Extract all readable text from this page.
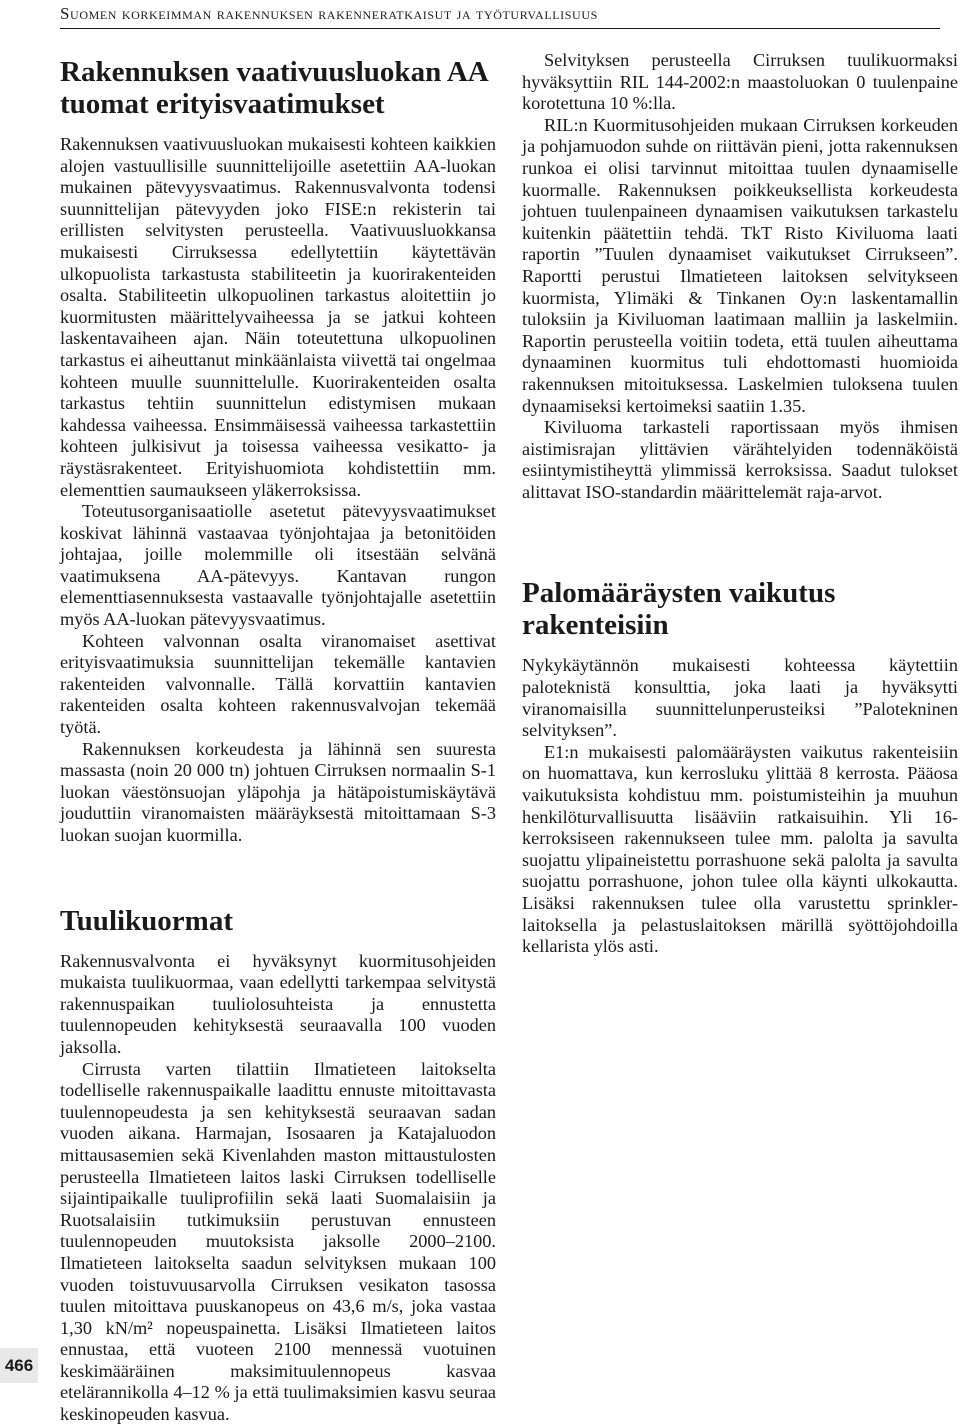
Suomen korkeimman rakennuksen rakenneratkaisut ja työturvallisuus
Rakennuksen vaativuusluokan AA tuomat erityisvaatimukset

Rakennuksen vaativuusluokan mukaisesti kohteen kaikkien alojen vastuullisille suunnittelijoille asetettiin AA-luokan mukainen pätevyysvaatimus. Rakennusvalvonta todensi suunnittelijan pätevyyden joko FISE:n rekisterin tai erillisten selvitysten perusteella. Vaativuusluokkansa mukaisesti Cirruksessa edellytettiin käytettävän ulkopuolista tarkastusta stabiliteetin ja kuorirakenteiden osalta. Stabiliteetin ulkopuolinen tarkastus aloitettiin jo kuormitusten määrittelyvaiheessa ja se jatkui kohteen laskentavaiheen ajan. Näin toteutettuna ulkopuolinen tarkastus ei aiheuttanut minkäänlaista viivettä tai ongelmaa kohteen muulle suunnittelulle. Kuorirakenteiden osalta tarkastus tehtiin suunnittelun edistymisen mukaan kahdessa vaiheessa. Ensimmäisessä vaiheessa tarkastettiin kohteen julkisivut ja toisessa vaiheessa vesikatto- ja räystäsrakenteet. Erityishuomiota kohdistettiin mm. elementtien saumaukseen yläkerroksissa.

Toteutusorganisaatiolle asetetut pätevyysvaatimukset koskivat lähinnä vastaavaa työnjohtajaa ja betonitöiden johtajaa, joille molemmille oli itsestään selvänä vaatimuksena AA-pätevyys. Kantavan rungon elementtiasennuksesta vastaavalle työnjohtajalle asetettiin myös AA-luokan pätevyysvaatimus.

Kohteen valvonnan osalta viranomaiset asettivat erityisvaatimuksia suunnittelijan tekemälle kantavien rakenteiden valvonnalle. Tällä korvattiin kantavien rakenteiden osalta kohteen rakennusvalvojan tekemää työtä.

Rakennuksen korkeudesta ja lähinnä sen suuresta massasta (noin 20 000 tn) johtuen Cirruksen normaalin S-1 luokan väestönsuojan yläpohja ja hätäpoistumiskäytävä jouduttiin viranomaisten määräyksestä mitoittamaan S-3 luokan suojan kuormilla.

Tuulikuormat

Rakennusvalvonta ei hyväksynyt kuormitusohjeiden mukaista tuulikuormaa, vaan edellytti tarkempaa selvitystä rakennuspaikan tuuliolosuhteista ja ennustetta tuulennopeuden kehityksestä seuraavalla 100 vuoden jaksolla.

Cirrusta varten tilattiin Ilmatieteen laitokselta todelliselle rakennuspaikalle laadittu ennuste mitoittavasta tuulennopeudesta ja sen kehityksestä seuraavan sadan vuoden aikana. Harmajan, Isosaaren ja Katajaluodon mittausasemien sekä Kivenlahden maston mittaustulosten perusteella Ilmatieteen laitos laski Cirruksen todelliselle sijaintipaikalle tuuliprofiilin sekä laati Suomalaisiin ja Ruotsalaisiin tutkimuksiin perustuvan ennusteen tuulennopeuden muutoksista jaksolle 2000–2100. Ilmatieteen laitokselta saadun selvityksen mukaan 100 vuoden toistuvuusarvolla Cirruksen vesikaton tasossa tuulen mitoittava puuskanopeus on 43,6 m/s, joka vastaa 1,30 kN/m² nopeuspainetta. Lisäksi Ilmatieteen laitos ennustaa, että vuoteen 2100 mennessä vuotuinen keskimääräinen maksimituulennopeus kasvaa etelärannikolla 4–12 % ja että tuulimaksimien kasvu seuraa keskinopeuden kasvua.

Selvityksen perusteella Cirruksen tuulikuormaksi hyväksyttiin RIL 144-2002:n maastoluokan 0 tuulenpaine korotettuna 10 %:lla.

RIL:n Kuormitusohjeiden mukaan Cirruksen korkeuden ja pohjamuodon suhde on riittävän pieni, jotta rakennuksen runkoa ei olisi tarvinnut mitoittaa tuulen dynaamiselle kuormalle. Rakennuksen poikkeuksellista korkeudesta johtuen tuulenpaineen dynaamisen vaikutuksen tarkastelu kuitenkin päätettiin tehdä. TkT Risto Kiviluoma laati raportin ”Tuulen dynaamiset vaikutukset Cirrukseen”. Raportti perustui Ilmatieteen laitoksen selvitykseen kuormista, Ylimäki & Tinkanen Oy:n laskentamallin tuloksiin ja Kiviluoman laatimaan malliin ja laskelmiin. Raportin perusteella voitiin todeta, että tuulen aiheuttama dynaaminen kuormitus tuli ehdottomasti huomioida rakennuksen mitoituksessa. Laskelmien tuloksena tuulen dynaamiseksi kertoimeksi saatiin 1.35.

Kiviluoma tarkasteli raportissaan myös ihmisen aistimisrajan ylittävien värähtelyiden todennäköistä esiintymistiheyttä ylimmissä kerroksissa. Saadut tulokset alittavat ISO-standardin määrittelemät raja-arvot.

Palomääräysten vaikutus rakenteisiin

Nykykäytännön mukaisesti kohteessa käytettiin paloteknistä konsulttia, joka laati ja hyväksytti viranomaisilla suunnittelunperusteiksi ”Palotekninen selvityksen”.

E1:n mukaisesti palomääräysten vaikutus rakenteisiin on huomattava, kun kerrosluku ylittää 8 kerrosta. Pääosa vaikutuksista kohdistuu mm. poistumisteihin ja muuhun henkilöturvallisuutta lisääviin ratkaisuihin. Yli 16-kerroksiseen rakennukseen tulee mm. palolta ja savulta suojattu ylipaineistettu porrashuone sekä palolta ja savulta suojattu porrashuone, johon tulee olla käynti ulkokautta. Lisäksi rakennuksen tulee olla varustettu sprinkler-laitoksella ja pelastuslaitoksen märillä syöttöjohdoilla kellarista ylös asti.

466
